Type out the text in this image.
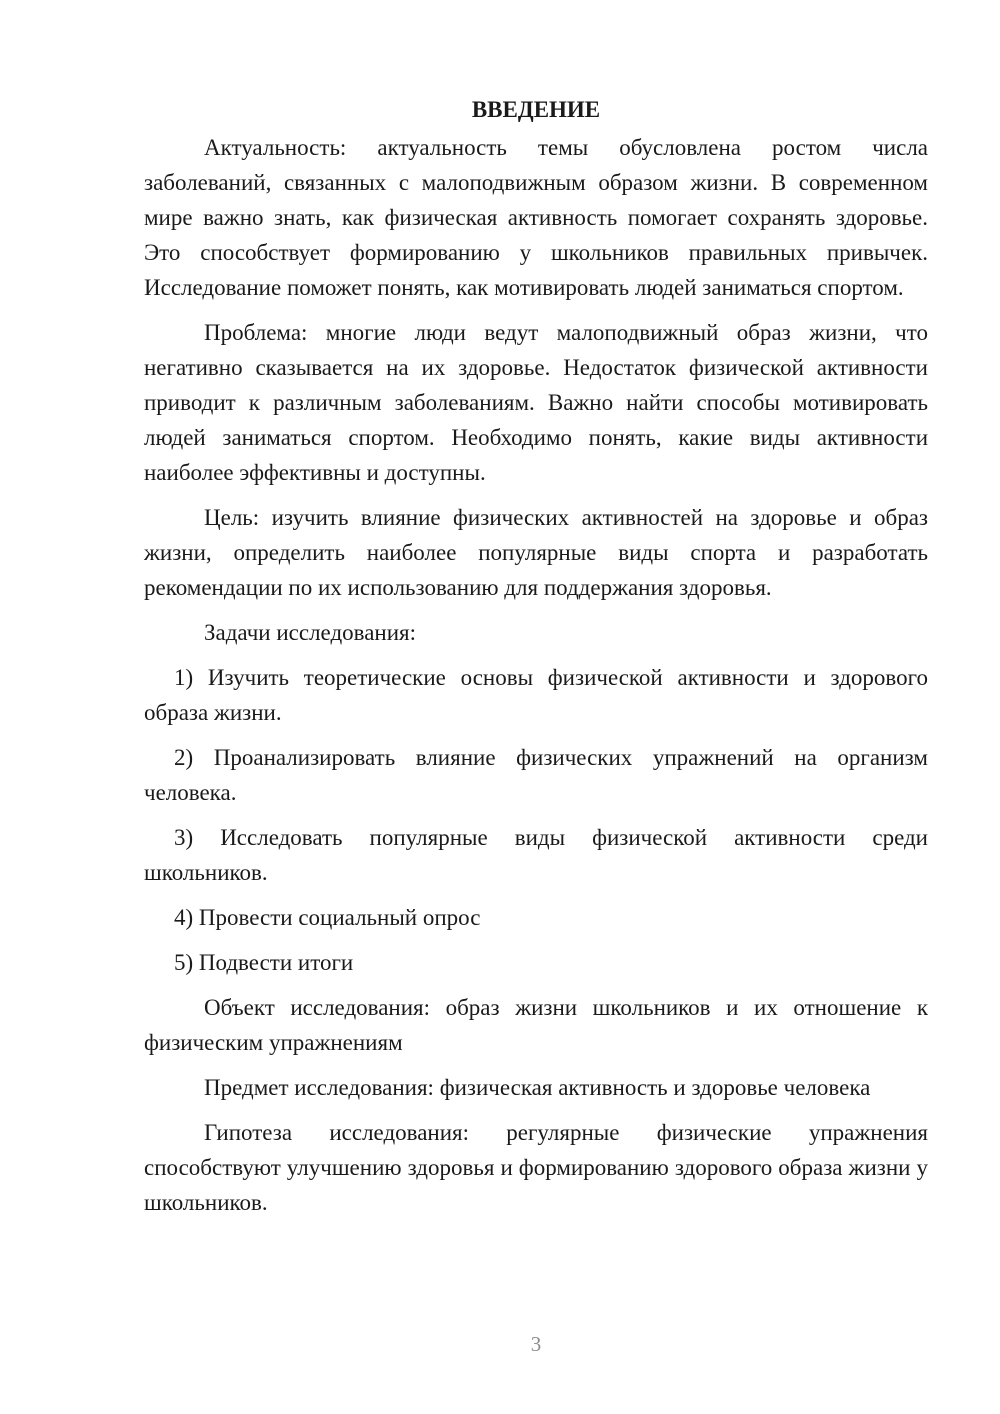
ВВЕДЕНИЕ

Актуальность: актуальность темы обусловлена ростом числа заболеваний, связанных с малоподвижным образом жизни. В современном мире важно знать, как физическая активность помогает сохранять здоровье. Это способствует формированию у школьников правильных привычек. Исследование поможет понять, как мотивировать людей заниматься спортом.

Проблема: многие люди ведут малоподвижный образ жизни, что негативно сказывается на их здоровье. Недостаток физической активности приводит к различным заболеваниям. Важно найти способы мотивировать людей заниматься спортом. Необходимо понять, какие виды активности наиболее эффективны и доступны.

Цель: изучить влияние физических активностей на здоровье и образ жизни, определить наиболее популярные виды спорта и разработать рекомендации по их использованию для поддержания здоровья.

Задачи исследования:

1) Изучить теоретические основы физической активности и здорового образа жизни.

2) Проанализировать влияние физических упражнений на организм человека.

3) Исследовать популярные виды физической активности среди школьников.

4) Провести социальный опрос

5) Подвести итоги

Объект исследования: образ жизни школьников и их отношение к физическим упражнениям

Предмет исследования: физическая активность и здоровье человека

Гипотеза исследования: регулярные физические упражнения способствуют улучшению здоровья и формированию здорового образа жизни у школьников.

3
